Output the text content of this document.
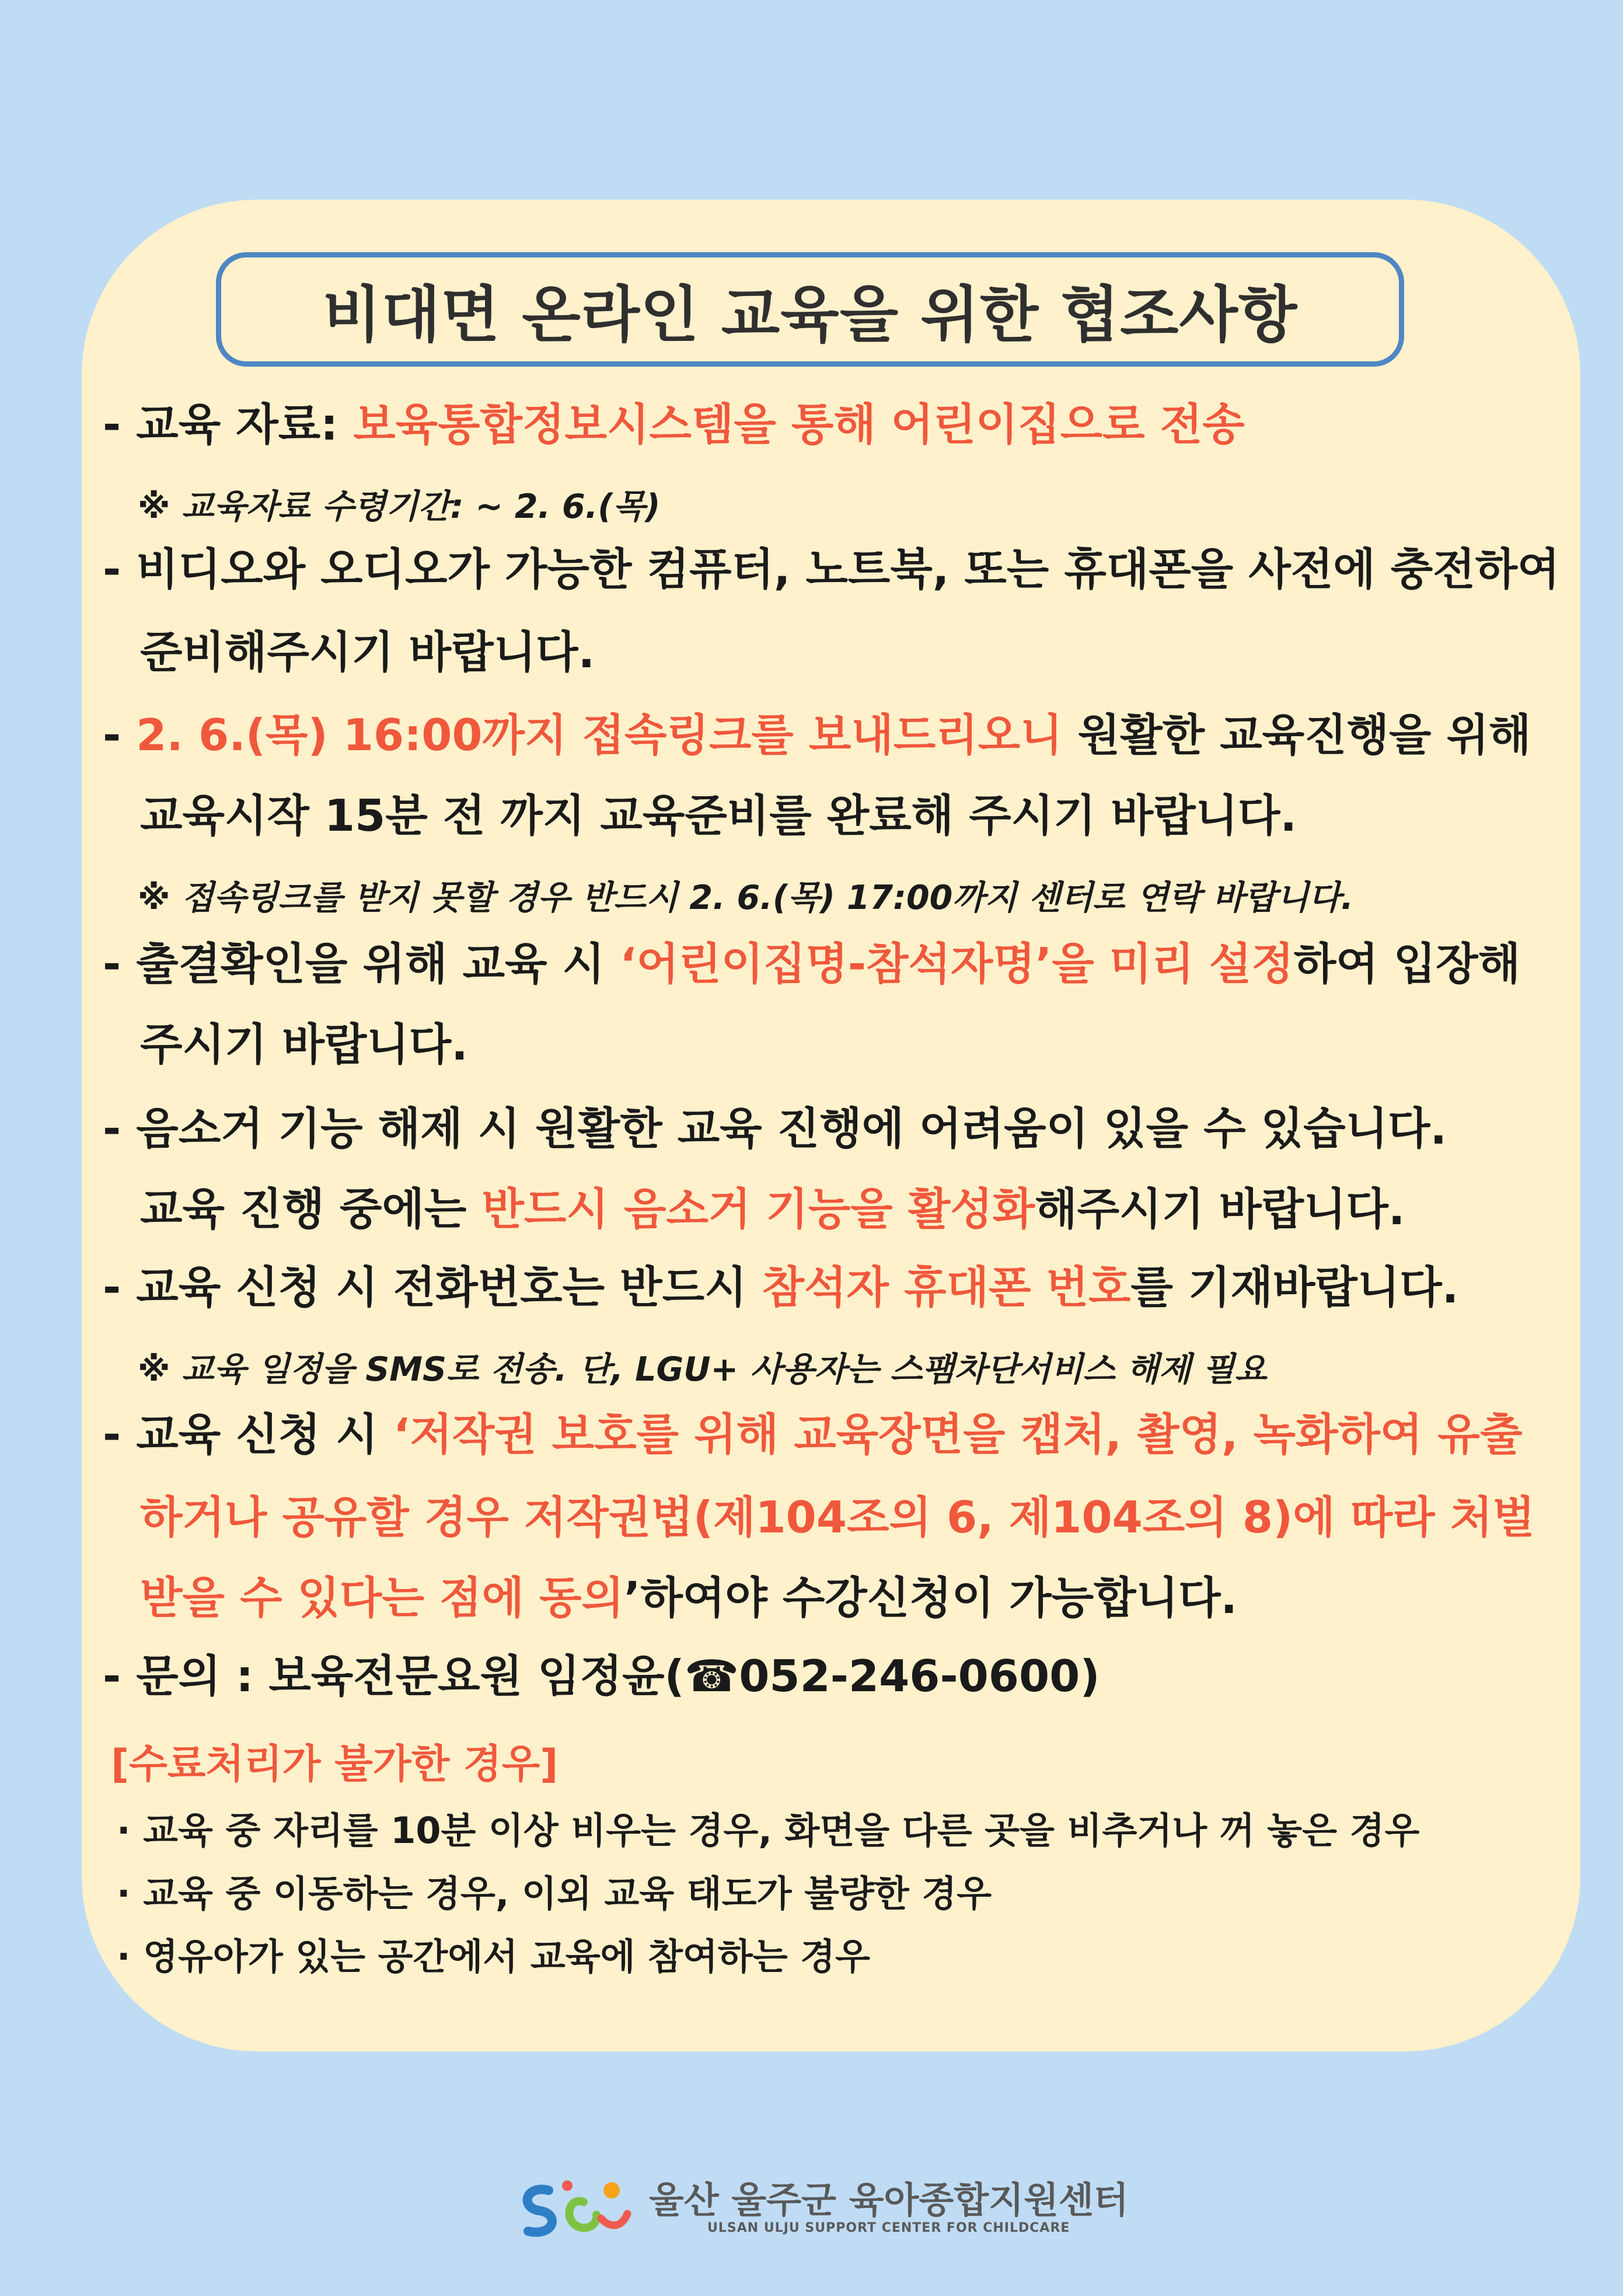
비대면 온라인 교육을 위한 협조사항
- 교육 자료: 보육통합정보시스템을 통해 어린이집으로 전송
※ 교육자료 수령기간: ~ 2. 6.(목)
- 비디오와 오디오가 가능한 컴퓨터, 노트북, 또는 휴대폰을 사전에 충전하여
준비해주시기 바랍니다.
- 2. 6.(목) 16:00까지 접속링크를 보내드리오니 원활한 교육진행을 위해
교육시작 15분 전 까지 교육준비를 완료해 주시기 바랍니다.
※ 접속링크를 받지 못할 경우 반드시 2. 6.(목) 17:00까지 센터로 연락 바랍니다.
- 출결확인을 위해 교육 시 ‘어린이집명-참석자명’을 미리 설정하여 입장해
주시기 바랍니다.
- 음소거 기능 해제 시 원활한 교육 진행에 어려움이 있을 수 있습니다.
교육 진행 중에는 반드시 음소거 기능을 활성화해주시기 바랍니다.
- 교육 신청 시 전화번호는 반드시 참석자 휴대폰 번호를 기재바랍니다.
※ 교육 일정을 SMS로 전송. 단, LGU+ 사용자는 스팸차단서비스 해제 필요
- 교육 신청 시 ‘저작권 보호를 위해 교육장면을 캡처, 촬영, 녹화하여 유출
하거나 공유할 경우 저작권법(제104조의 6, 제104조의 8)에 따라 처벌
받을 수 있다는 점에 동의’하여야 수강신청이 가능합니다.
- 문의 : 보육전문요원 임정윤(☎052-246-0600)
[수료처리가 불가한 경우]
· 교육 중 자리를 10분 이상 비우는 경우, 화면을 다른 곳을 비추거나 꺼 놓은 경우
· 교육 중 이동하는 경우, 이외 교육 태도가 불량한 경우
· 영유아가 있는 공간에서 교육에 참여하는 경우
울산 울주군 육아종합지원센터
ULSAN ULJU SUPPORT CENTER FOR CHILDCARE
